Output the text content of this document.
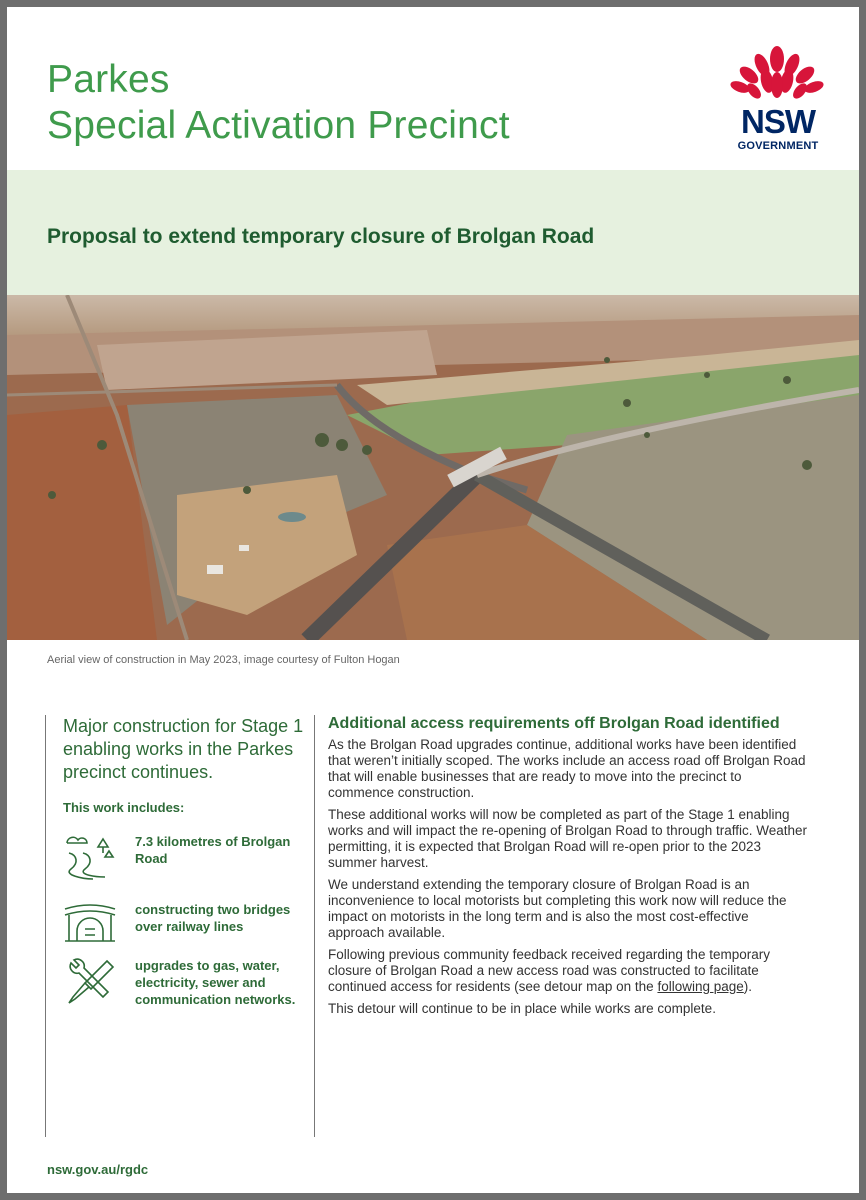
Parkes
Special Activation Precinct	NSW
GOVERNMENT
Proposal to extend temporary closure of Brolgan Road
Aerial view of construction in May 2023, image courtesy of Fulton Hogan
Major construction for Stage 1 enabling works in the Parkes precinct continues.
This work includes:
7.3 kilometres of Brolgan Road
constructing two bridges over railway lines
upgrades to gas, water, electricity, sewer and communication networks.
Additional access requirements off Brolgan Road identified

As the Brolgan Road upgrades continue, additional works have been identified that weren’t initially scoped. The works include an access road off Brolgan Road that will enable businesses that are ready to move into the precinct to commence construction.

These additional works will now be completed as part of the Stage 1 enabling works and will impact the re-opening of Brolgan Road to through traffic. Weather permitting, it is expected that Brolgan Road will re-open prior to the 2023 summer harvest.

We understand extending the temporary closure of Brolgan Road is an inconvenience to local motorists but completing this work now will reduce the impact on motorists in the long term and is also the most cost-effective approach available.

Following previous community feedback received regarding the temporary closure of Brolgan Road a new access road was constructed to facilitate continued access for residents (see detour map on the following page).

This detour will continue to be in place while works are complete.

nsw.gov.au/rgdc
